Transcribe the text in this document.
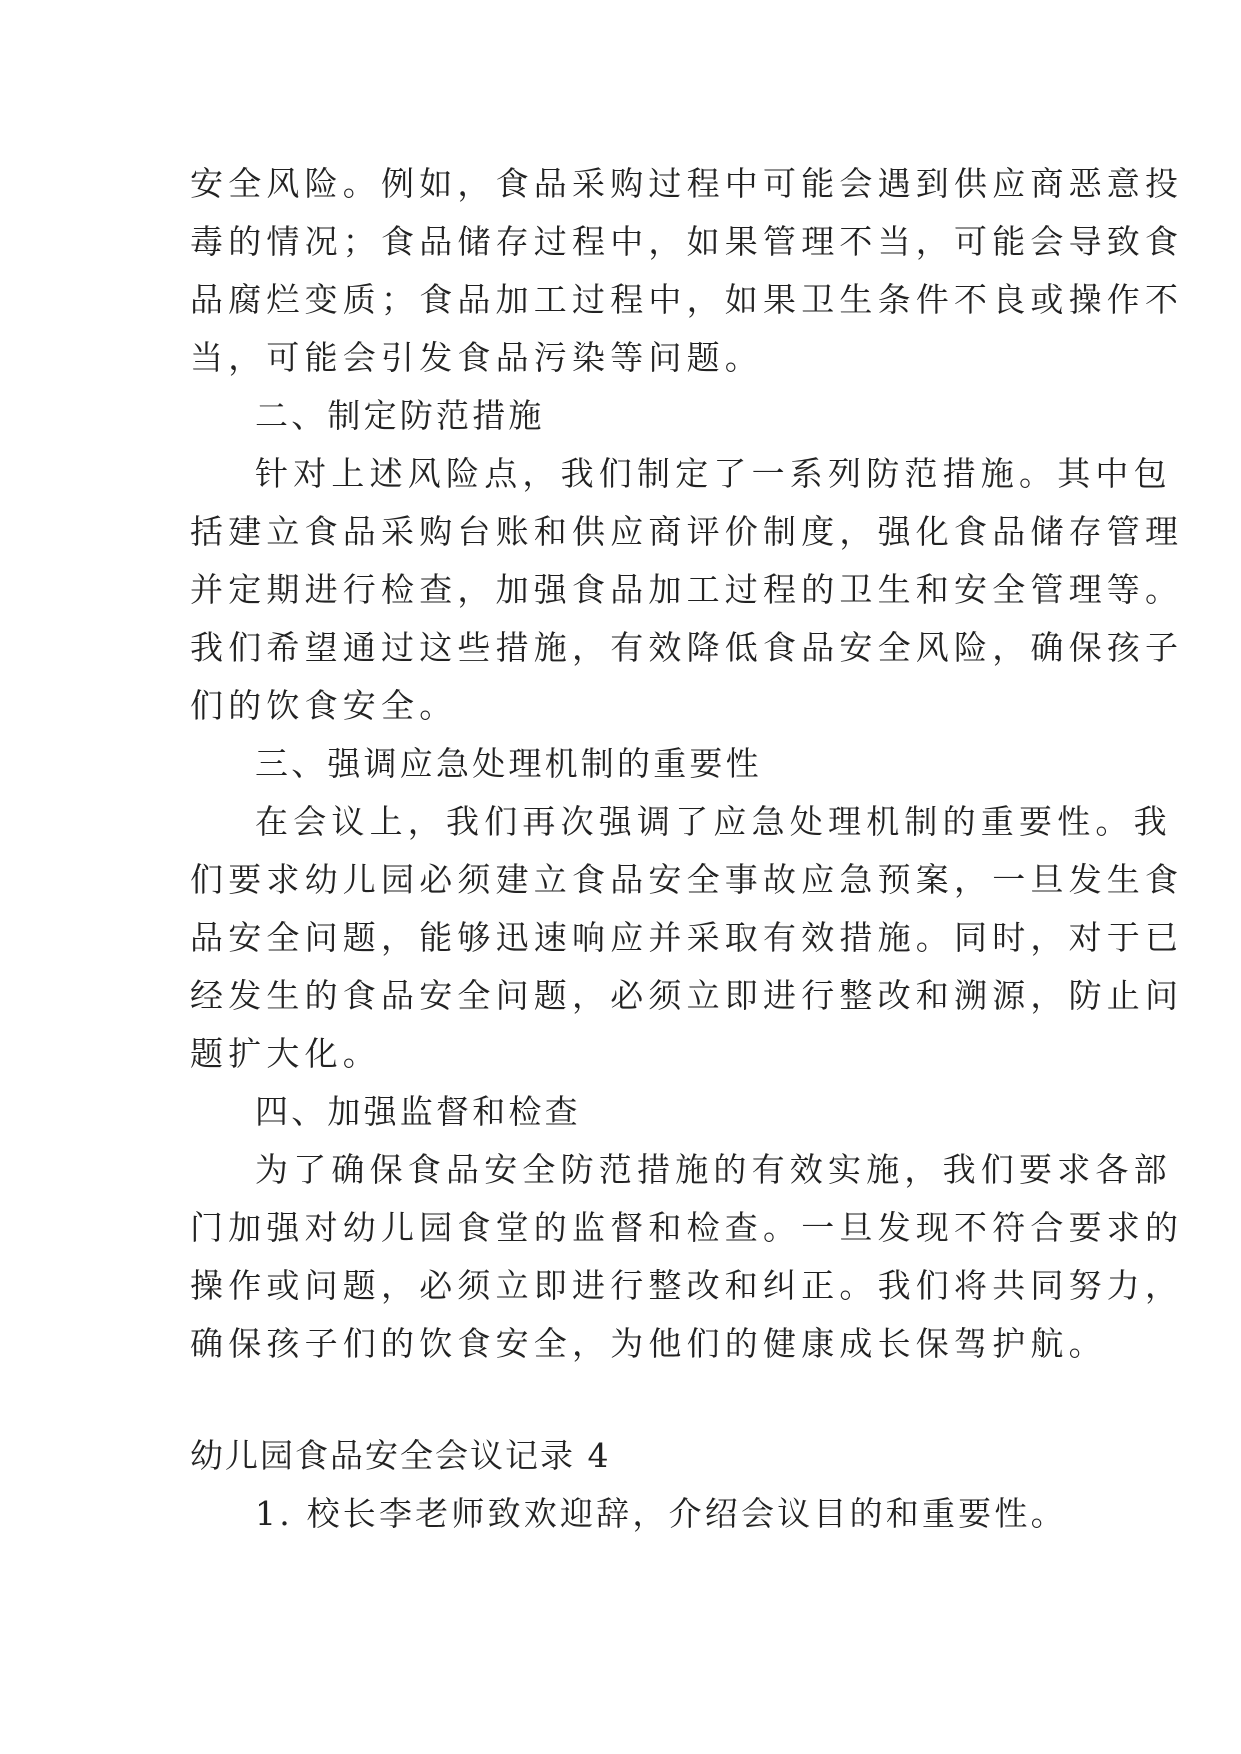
安全风险。例如，食品采购过程中可能会遇到供应商恶意投
毒的情况；食品储存过程中，如果管理不当，可能会导致食
品腐烂变质；食品加工过程中，如果卫生条件不良或操作不
当，可能会引发食品污染等问题。
二、制定防范措施
针对上述风险点，我们制定了一系列防范措施。其中包
括建立食品采购台账和供应商评价制度，强化食品储存管理
并定期进行检查，加强食品加工过程的卫生和安全管理等。
我们希望通过这些措施，有效降低食品安全风险，确保孩子
们的饮食安全。
三、强调应急处理机制的重要性
在会议上，我们再次强调了应急处理机制的重要性。我
们要求幼儿园必须建立食品安全事故应急预案，一旦发生食
品安全问题，能够迅速响应并采取有效措施。同时，对于已
经发生的食品安全问题，必须立即进行整改和溯源，防止问
题扩大化。
四、加强监督和检查
为了确保食品安全防范措施的有效实施，我们要求各部
门加强对幼儿园食堂的监督和检查。一旦发现不符合要求的
操作或问题，必须立即进行整改和纠正。我们将共同努力，
确保孩子们的饮食安全，为他们的健康成长保驾护航。
幼儿园食品安全会议记录 4
1. 校长李老师致欢迎辞，介绍会议目的和重要性。
